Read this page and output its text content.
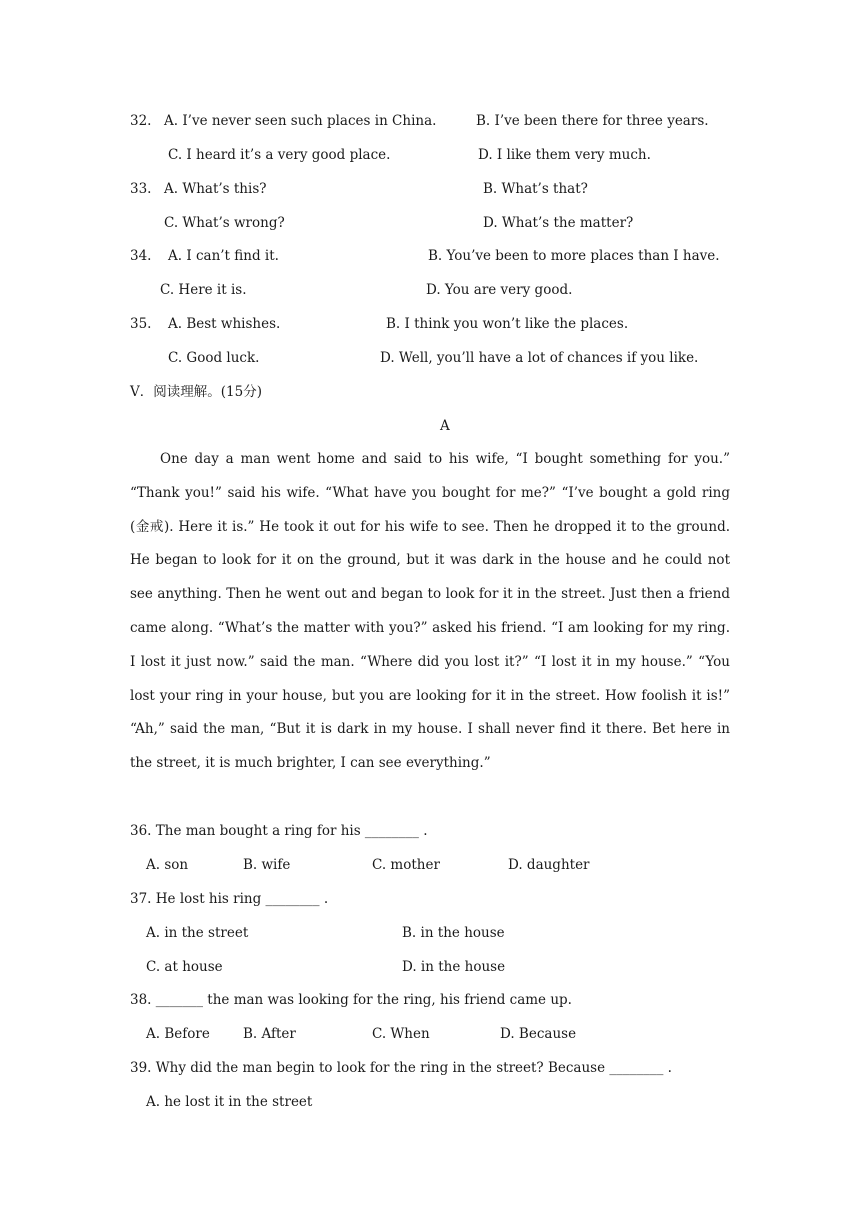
32. A. I’ve never seen such places in China.	B. I’ve been there for three years.
C. I heard it’s a very good place.	D. I like them very much.
33. A. What’s this?	B. What’s that?
C. What’s wrong?	D. What’s the matter?
34. A. I can’t find it.	B. You’ve been to more places than I have.
C. Here it is.	D. You are very good.
35. A. Best whishes.	B. I think you won’t like the places.
C. Good luck.	D. Well, you’ll have a lot of chances if you like.
V．阅读理解。(15分)
A

One day a man went home and said to his wife, “I bought something for you.” “Thank you!” said his wife. “What have you bought for me?” “I’ve bought a gold ring (金戒). Here it is.” He took it out for his wife to see. Then he dropped it to the ground. He began to look for it on the ground, but it was dark in the house and he could not see anything. Then he went out and began to look for it in the street. Just then a friend came along. “What’s the matter with you?” asked his friend. “I am looking for my ring. I lost it just now.” said the man. “Where did you lost it?” “I lost it in my house.” “You lost your ring in your house, but you are looking for it in the street. How foolish it is!” “Ah,” said the man, “But it is dark in my house. I shall never find it there. Bet here in the street, it is much brighter, I can see everything.”

36. The man bought a ring for his ________ .
A. son	B. wife	C. mother	D. daughter
37. He lost his ring ________ .
A. in the street	B. in the house
C. at house	D. in the house
38. _______ the man was looking for the ring, his friend came up.
A. Before B. After	C. When	D. Because
39. Why did the man begin to look for the ring in the street? Because ________ .
A. he lost it in the street
